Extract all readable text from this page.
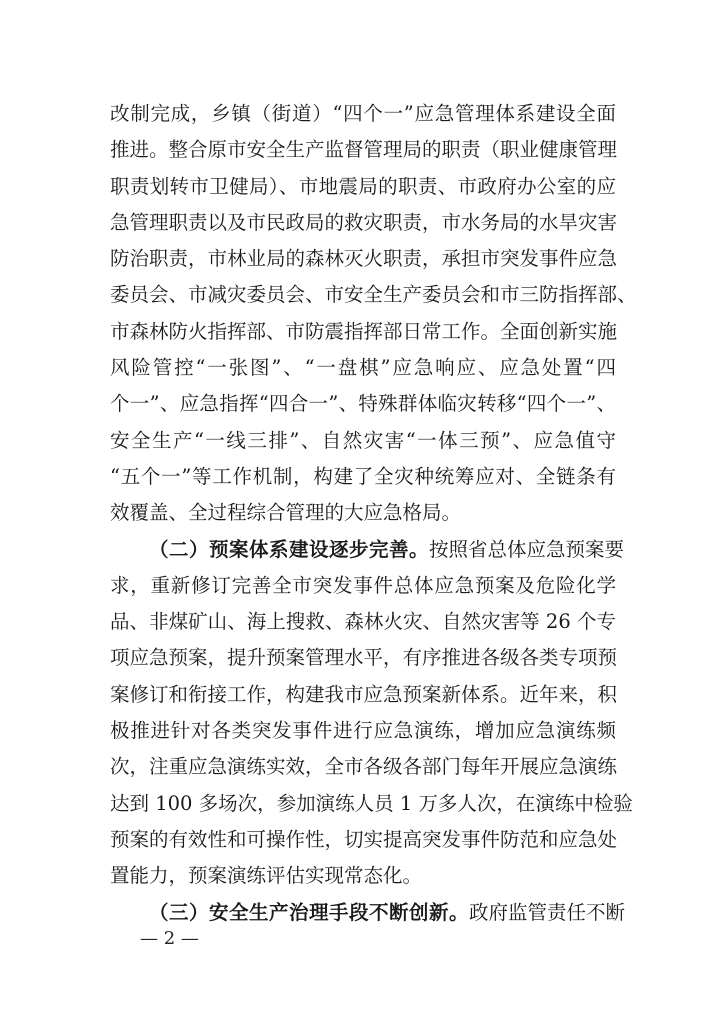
改制完成，乡镇（街道）“四个一”应急管理体系建设全面
推进。整合原市安全生产监督管理局的职责（职业健康管理
职责划转市卫健局）、市地震局的职责、市政府办公室的应
急管理职责以及市民政局的救灾职责，市水务局的水旱灾害
防治职责，市林业局的森林灭火职责，承担市突发事件应急
委员会、市减灾委员会、市安全生产委员会和市三防指挥部、
市森林防火指挥部、市防震指挥部日常工作。全面创新实施
风险管控“一张图”、“一盘棋”应急响应、应急处置“四
个一”、应急指挥“四合一”、特殊群体临灾转移“四个一”、
安全生产“一线三排”、自然灾害“一体三预”、应急值守
“五个一”等工作机制，构建了全灾种统筹应对、全链条有
效覆盖、全过程综合管理的大应急格局。
（二）预案体系建设逐步完善。按照省总体应急预案要
求，重新修订完善全市突发事件总体应急预案及危险化学
品、非煤矿山、海上搜救、森林火灾、自然灾害等 26 个专
项应急预案，提升预案管理水平，有序推进各级各类专项预
案修订和衔接工作，构建我市应急预案新体系。近年来，积
极推进针对各类突发事件进行应急演练，增加应急演练频
次，注重应急演练实效，全市各级各部门每年开展应急演练
达到 100 多场次，参加演练人员 1 万多人次，在演练中检验
预案的有效性和可操作性，切实提高突发事件防范和应急处
置能力，预案演练评估实现常态化。
（三）安全生产治理手段不断创新。政府监管责任不断
— 2 —
